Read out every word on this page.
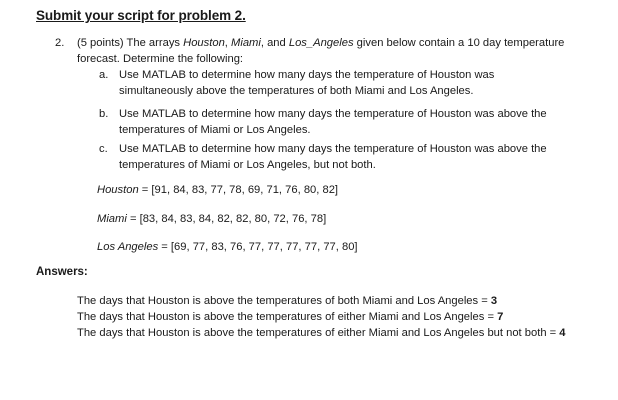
Submit your script for problem 2.
2. (5 points) The arrays Houston, Miami, and Los_Angeles given below contain a 10 day temperature forecast. Determine the following:
a. Use MATLAB to determine how many days the temperature of Houston was simultaneously above the temperatures of both Miami and Los Angeles.
b. Use MATLAB to determine how many days the temperature of Houston was above the temperatures of Miami or Los Angeles.
c. Use MATLAB to determine how many days the temperature of Houston was above the temperatures of Miami or Los Angeles, but not both.
Houston = [91, 84, 83, 77, 78, 69, 71, 76, 80, 82]
Miami = [83, 84, 83, 84, 82, 82, 80, 72, 76, 78]
Los Angeles = [69, 77, 83, 76, 77, 77, 77, 77, 77, 80]
Answers:
The days that Houston is above the temperatures of both Miami and Los Angeles = 3
The days that Houston is above the temperatures of either Miami and Los Angeles = 7
The days that Houston is above the temperatures of either Miami and Los Angeles but not both = 4
